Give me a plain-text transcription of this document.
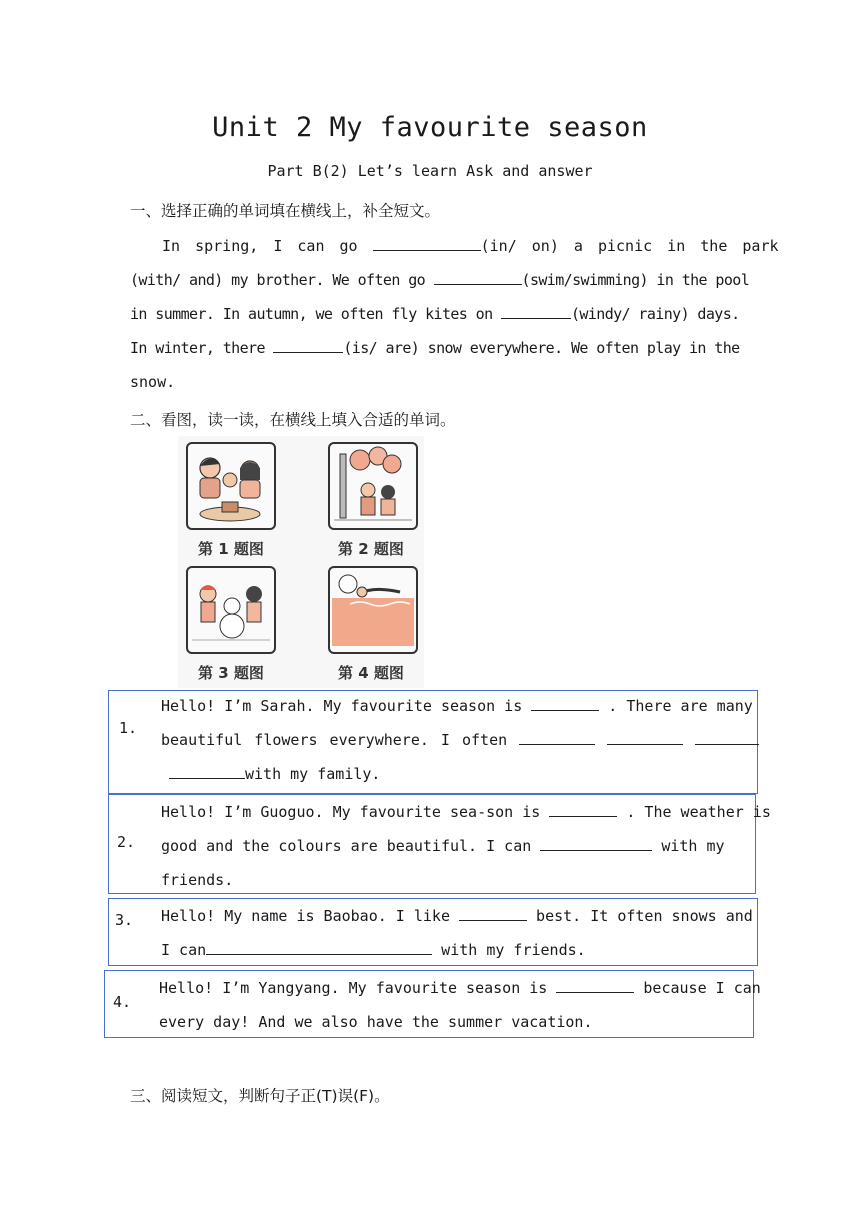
Unit 2 My favourite season
Part B(2) Let’s learn Ask and answer
一、选择正确的单词填在横线上，补全短文。
In spring, I can go	(in/ on) a picnic in the park
(with/ and) my brother. We often go	(swim/swimming) in the pool
in summer. In autumn, we often fly kites on	(windy/ rainy) days.
In winter, there	(is/ are) snow everywhere. We often play in the
snow.
二、看图，读一读，在横线上填入合适的单词。
第 1 题图	第 2 题图
第 3 题图	第 4 题图
1.
Hello! I’m Sarah. My favourite season is	. There are many
beautiful flowers everywhere. I often
with my family.
2.
Hello! I’m Guoguo. My favourite sea-son is	. The weather is
good and the colours are beautiful. I can	with my
friends.
3. Hello! My name is Baobao. I like	best. It often snows and
I can	with my friends.
4.
Hello! I’m Yangyang. My favourite season is	because I can
every day! And we also have the summer vacation.
三、阅读短文，判断句子正(T)误(F)。
